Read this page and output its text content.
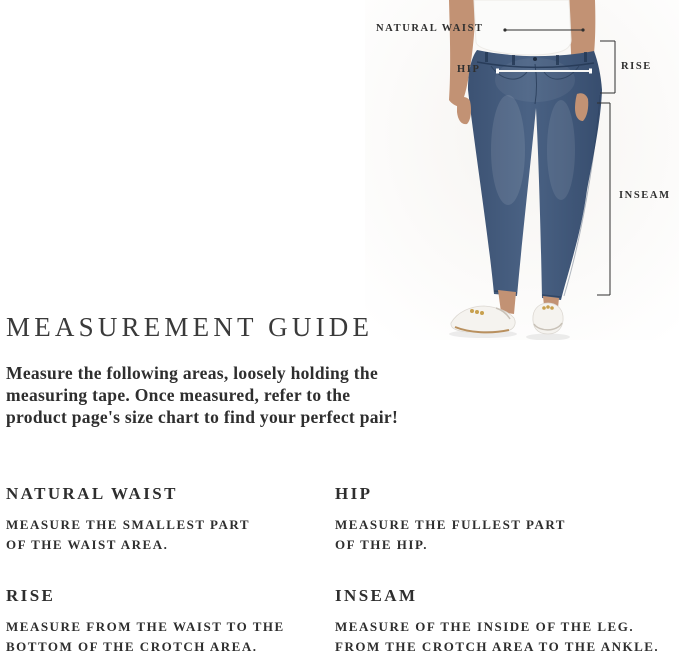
NATURAL WAIST
HIP	RISE
INSEAM
MEASUREMENT GUIDE
Measure the following areas, loosely holding the
measuring tape. Once measured, refer to the
product page's size chart to find your perfect pair!
NATURAL WAIST
MEASURE THE SMALLEST PART
OF THE WAIST AREA.
HIP
MEASURE THE FULLEST PART
OF THE HIP.
RISE
MEASURE FROM THE WAIST TO THE
BOTTOM OF THE CROTCH AREA.
INSEAM
MEASURE OF THE INSIDE OF THE LEG.
FROM THE CROTCH AREA TO THE ANKLE.
